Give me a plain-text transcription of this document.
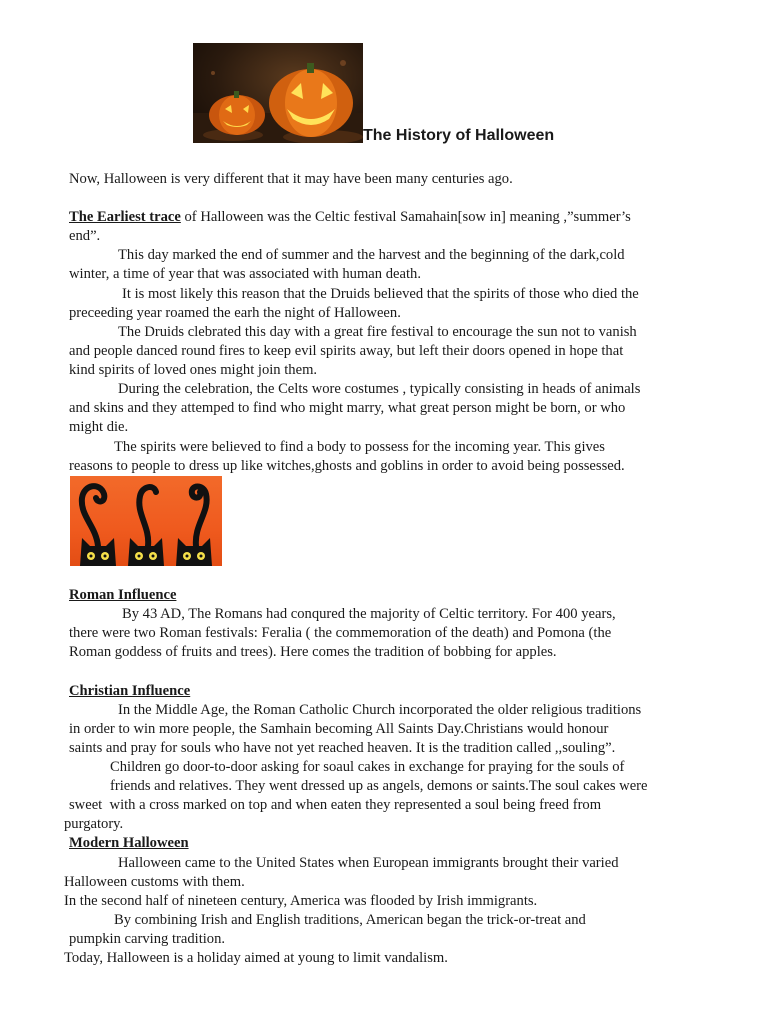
The History of Halloween
Now, Halloween is very different that it may have been many centuries ago.
The Earliest trace of Halloween was the Celtic festival Samahain[sow in] meaning ,”summer’s
end”.
This day marked the end of summer and the harvest and the beginning of the dark,cold
winter, a time of year that was associated with human death.
It is most likely this reason that the Druids believed that the spirits of those who died the
preceeding year roamed the earh the night of Halloween.
The Druids clebrated this day with a great fire festival to encourage the sun not to vanish
and people danced round fires to keep evil spirits away, but left their doors opened in hope that
kind spirits of loved ones might join them.
During the celebration, the Celts wore costumes , typically consisting in heads of animals
and skins and they attemped to find who might marry, what great person might be born, or who
might die.
The spirits were believed to find a body to possess for the incoming year. This gives
reasons to people to dress up like witches,ghosts and goblins in order to avoid being possessed.
Roman Influence
By 43 AD, The Romans had conqured the majority of Celtic territory. For 400 years,
there were two Roman festivals: Feralia ( the commemoration of the death) and Pomona (the
Roman goddess of fruits and trees). Here comes the tradition of bobbing for apples.
Christian Influence
In the Middle Age, the Roman Catholic Church incorporated the older religious traditions
in order to win more people, the Samhain becoming All Saints Day.Christians would honour
saints and pray for souls who have not yet reached heaven. It is the tradition called ,,souling”.
Children go door-to-door asking for soaul cakes in exchange for praying for the souls of
friends and relatives. They went dressed up as angels, demons or saints.The soul cakes were
sweet  with a cross marked on top and when eaten they represented a soul being freed from
purgatory.
Modern Halloween
Halloween came to the United States when European immigrants brought their varied
Halloween customs with them.
In the second half of nineteen century, America was flooded by Irish immigrants.
By combining Irish and English traditions, American began the trick-or-treat and
pumpkin carving tradition.
Today, Halloween is a holiday aimed at young to limit vandalism.
